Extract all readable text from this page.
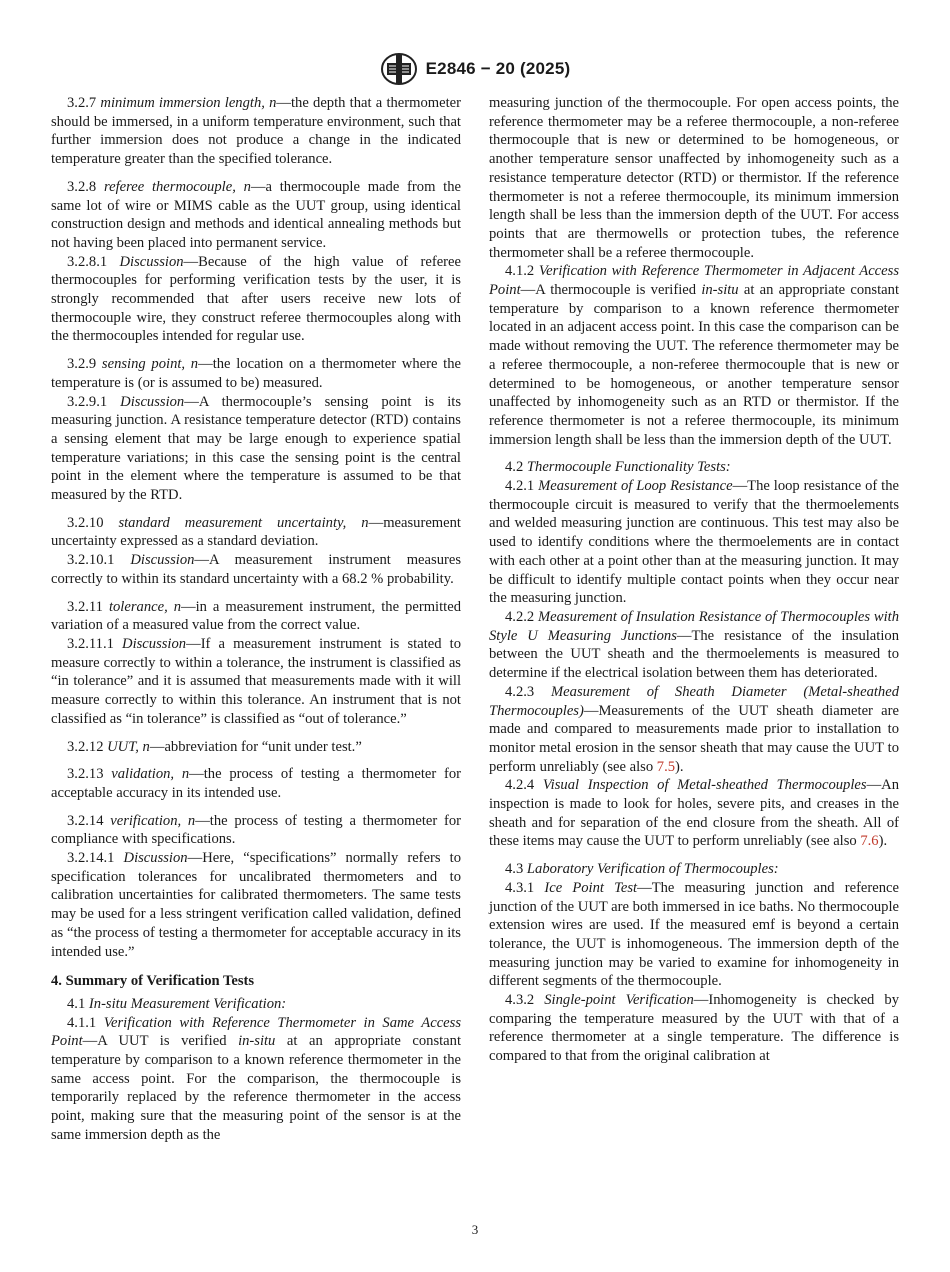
E2846 − 20 (2025)

3.2.7 minimum immersion length, n—the depth that a thermometer should be immersed, in a uniform temperature environment, such that further immersion does not produce a change in the indicated temperature greater than the specified tolerance.

3.2.8 referee thermocouple, n—a thermocouple made from the same lot of wire or MIMS cable as the UUT group, using identical construction design and methods and identical annealing methods but not having been placed into permanent service.

3.2.8.1 Discussion—Because of the high value of referee thermocouples for performing verification tests by the user, it is strongly recommended that after users receive new lots of thermocouple wire, they construct referee thermocouples along with the thermocouples intended for regular use.

3.2.9 sensing point, n—the location on a thermometer where the temperature is (or is assumed to be) measured.

3.2.9.1 Discussion—A thermocouple’s sensing point is its measuring junction. A resistance temperature detector (RTD) contains a sensing element that may be large enough to experience spatial temperature variations; in this case the sensing point is the central point in the element where the temperature is assumed to be that measured by the RTD.

3.2.10 standard measurement uncertainty, n—measurement uncertainty expressed as a standard deviation.

3.2.10.1 Discussion—A measurement instrument measures correctly to within its standard uncertainty with a 68.2 % probability.

3.2.11 tolerance, n—in a measurement instrument, the permitted variation of a measured value from the correct value.

3.2.11.1 Discussion—If a measurement instrument is stated to measure correctly to within a tolerance, the instrument is classified as “in tolerance” and it is assumed that measurements made with it will measure correctly to within this tolerance. An instrument that is not classified as “in tolerance” is classified as “out of tolerance.”

3.2.12 UUT, n—abbreviation for “unit under test.”

3.2.13 validation, n—the process of testing a thermometer for acceptable accuracy in its intended use.

3.2.14 verification, n—the process of testing a thermometer for compliance with specifications.

3.2.14.1 Discussion—Here, “specifications” normally refers to specification tolerances for uncalibrated thermometers and to calibration uncertainties for calibrated thermometers. The same tests may be used for a less stringent verification called validation, defined as “the process of testing a thermometer for acceptable accuracy in its intended use.”

4. Summary of Verification Tests

4.1 In-situ Measurement Verification:

4.1.1 Verification with Reference Thermometer in Same Access Point—A UUT is verified in-situ at an appropriate constant temperature by comparison to a known reference thermometer in the same access point. For the comparison, the thermocouple is temporarily replaced by the reference thermometer in the access point, making sure that the measuring point of the sensor is at the same immersion depth as the

measuring junction of the thermocouple. For open access points, the reference thermometer may be a referee thermocouple, a non-referee thermocouple that is new or determined to be homogeneous, or another temperature sensor unaffected by inhomogeneity such as a resistance temperature detector (RTD) or thermistor. If the reference thermometer is not a referee thermocouple, its minimum immersion length shall be less than the immersion depth of the UUT. For access points that are thermowells or protection tubes, the reference thermometer shall be a referee thermocouple.

4.1.2 Verification with Reference Thermometer in Adjacent Access Point—A thermocouple is verified in-situ at an appropriate constant temperature by comparison to a known reference thermometer located in an adjacent access point. In this case the comparison can be made without removing the UUT. The reference thermometer may be a referee thermocouple, a non-referee thermocouple that is new or determined to be homogeneous, or another temperature sensor unaffected by inhomogeneity such as an RTD or thermistor. If the reference thermometer is not a referee thermocouple, its minimum immersion length shall be less than the immersion depth of the UUT.

4.2 Thermocouple Functionality Tests:

4.2.1 Measurement of Loop Resistance—The loop resistance of the thermocouple circuit is measured to verify that the thermoelements and welded measuring junction are continuous. This test may also be used to identify conditions where the thermoelements are in contact with each other at a point other than at the measuring junction. It may be difficult to identify multiple contact points when they occur near the measuring junction.

4.2.2 Measurement of Insulation Resistance of Thermocouples with Style U Measuring Junctions—The resistance of the insulation between the UUT sheath and the thermoelements is measured to determine if the electrical isolation between them has deteriorated.

4.2.3 Measurement of Sheath Diameter (Metal-sheathed Thermocouples)—Measurements of the UUT sheath diameter are made and compared to measurements made prior to installation to monitor metal erosion in the sensor sheath that may cause the UUT to perform unreliably (see also 7.5).

4.2.4 Visual Inspection of Metal-sheathed Thermocouples—An inspection is made to look for holes, severe pits, and creases in the sheath and for separation of the end closure from the sheath. All of these items may cause the UUT to perform unreliably (see also 7.6).

4.3 Laboratory Verification of Thermocouples:

4.3.1 Ice Point Test—The measuring junction and reference junction of the UUT are both immersed in ice baths. No thermocouple extension wires are used. If the measured emf is beyond a certain tolerance, the UUT is inhomogeneous. The immersion depth of the measuring junction may be varied to examine for inhomogeneity in different segments of the thermocouple.

4.3.2 Single-point Verification—Inhomogeneity is checked by comparing the temperature measured by the UUT with that of a reference thermometer at a single temperature. The difference is compared to that from the original calibration at

3
